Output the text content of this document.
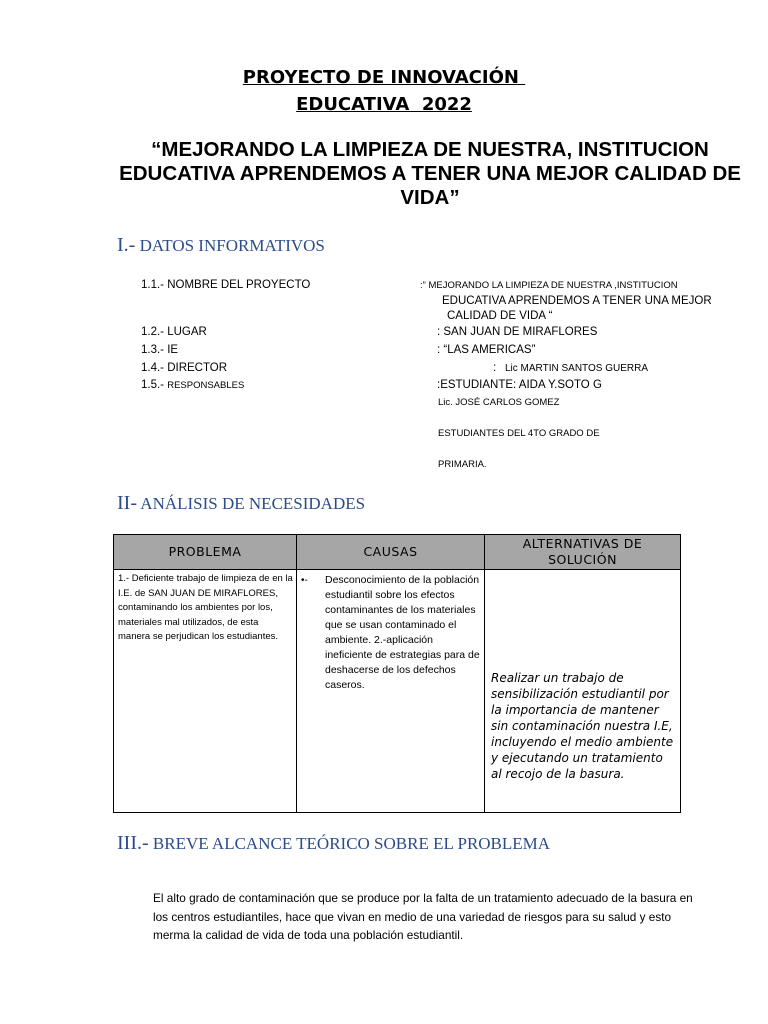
PROYECTO DE INNOVACIÓN
EDUCATIVA  2022
“MEJORANDO LA LIMPIEZA DE NUESTRA, INSTITUCION EDUCATIVA APRENDEMOS A TENER UNA MEJOR CALIDAD DE VIDA”
I.- DATOS INFORMATIVOS
1.1.- NOMBRE DEL PROYECTO	:” MEJORANDO LA LIMPIEZA DE NUESTRA ,INSTITUCION
EDUCATIVA APRENDEMOS A TENER UNA MEJOR
CALIDAD DE VIDA “
1.2.- LUGAR	: SAN JUAN DE MIRAFLORES
1.3.- IE	: “LAS AMERICAS”
1.4.- DIRECTOR	: Lic MARTIN SANTOS GUERRA
1.5.- RESPONSABLES	:ESTUDIANTE: AIDA Y.SOTO G
Lic. JOSÉ CARLOS GOMEZ
ESTUDIANTES DEL 4TO GRADO DE
PRIMARIA.
II- ANÁLISIS DE NECESIDADES
PROBLEMA	CAUSAS	ALTERNATIVAS DE SOLUCIÓN

1.- Deficiente trabajo de limpieza de en la I.E. de SAN JUAN DE MIRAFLORES, contaminando los ambientes por los, materiales mal utilizados, de esta manera se perjudican los estudiantes.	•- Desconocimiento de la población estudiantil sobre los efectos contaminantes de los materiales que se usan contaminado el ambiente. 2.-aplicación ineficiente de estrategias para de deshacerse de los defechos caseros.	Realizar un trabajo de sensibilización estudiantil por la importancia de mantener sin contaminación nuestra I.E, incluyendo el medio ambiente y ejecutando un tratamiento al recojo de la basura.
III.- BREVE ALCANCE TEÓRICO SOBRE EL PROBLEMA
El alto grado de contaminación que se produce por la falta de un tratamiento adecuado de la basura en los centros estudiantiles, hace que vivan en medio de una variedad de riesgos para su salud y esto merma la calidad de vida de toda una población estudiantil.
